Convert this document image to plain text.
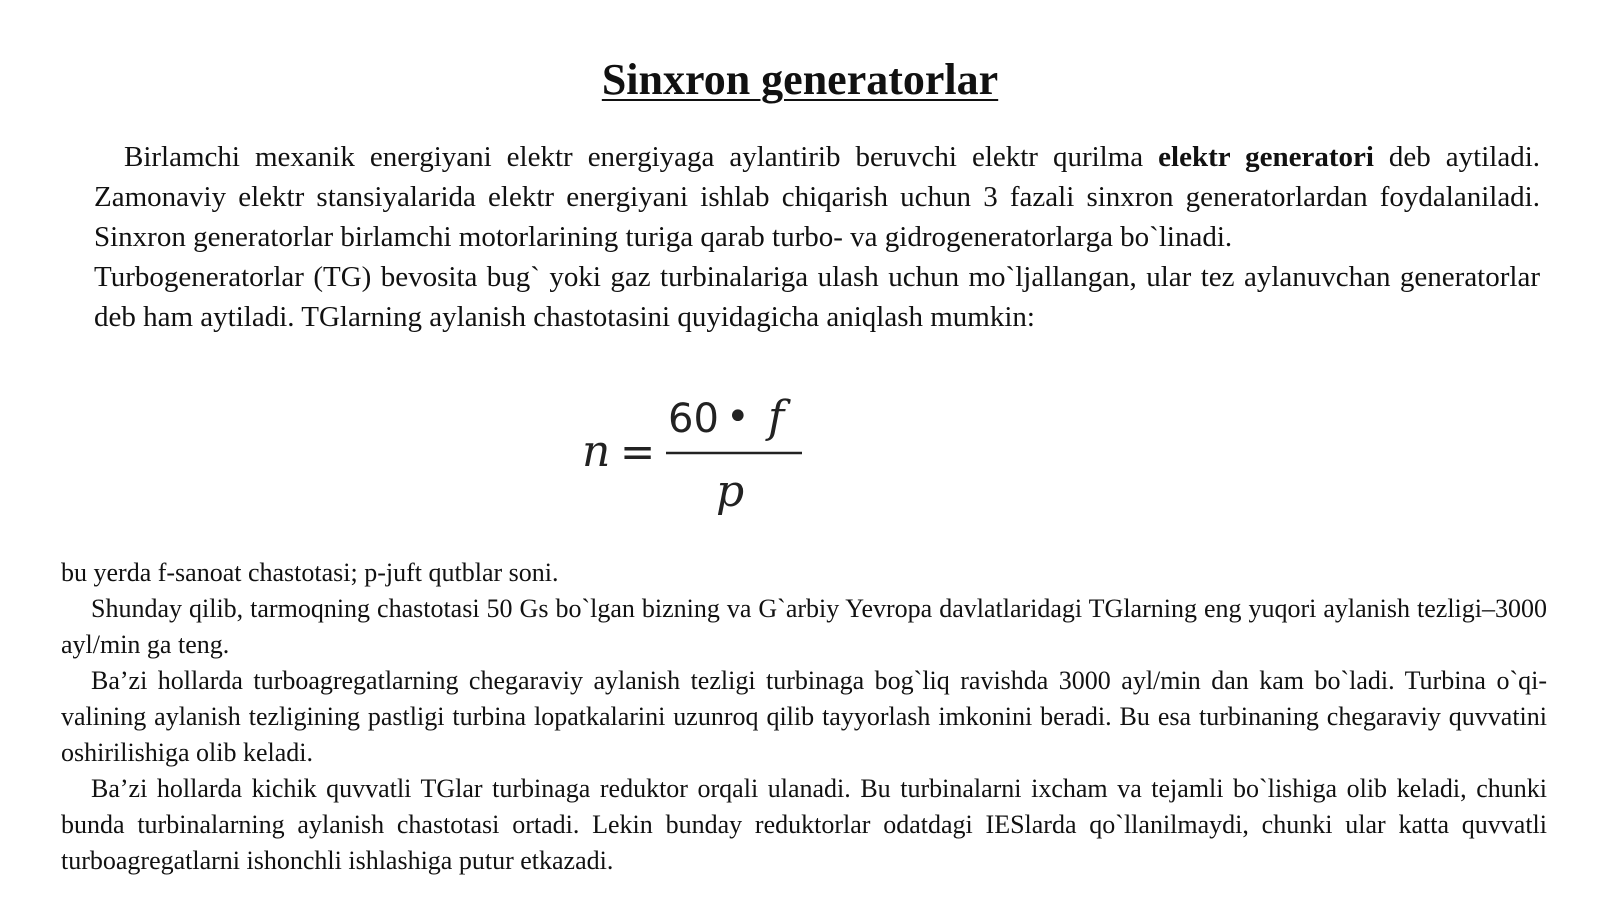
Sinxron generatorlar

Birlamchi mexanik energiyani elektr energiyaga aylantirib beruvchi elektr qurilma elektr generatori deb aytiladi. Zamonaviy elektr stansiyalarida elektr energiyani ishlab chiqarish uchun 3 fazali sinxron generatorlardan foydalaniladi. Sinxron generatorlar birlamchi motorlarining turiga qarab turbo- va gidrogeneratorlarga bo`linadi.

Turbogeneratorlar (TG) bevosita bug` yoki gaz turbinalariga ulash uchun mo`ljallangan, ular tez aylanuvchan generatorlar deb ham aytiladi. TGlarning aylanish chastotasini quyidagicha aniqlash mumkin:

n =
60 • f
p

bu yerda f-sanoat chastotasi; p-juft qutblar soni.

Shunday qilib, tarmoqning chastotasi 50 Gs bo`lgan bizning va G`arbiy Yevropa davlatlaridagi TGlarning eng yuqori aylanish tezligi–3000 ayl/min ga teng.

Ba’zi hollarda turboagregatlarning chegaraviy aylanish tezligi turbinaga bog`liq ravishda 3000 ayl/min dan kam bo`ladi. Turbina o`qi-valining aylanish tezligining pastligi turbina lopatkalarini uzunroq qilib tayyorlash imkonini beradi. Bu esa turbinaning chegaraviy quvvatini oshirilishiga olib keladi.

Ba’zi hollarda kichik quvvatli TGlar turbinaga reduktor orqali ulanadi. Bu turbinalarni ixcham va tejamli bo`lishiga olib keladi, chunki bunda turbinalarning aylanish chastotasi ortadi. Lekin bunday reduktorlar odatdagi IESlarda qo`llanilmaydi, chunki ular katta quvvatli turboagregatlarni ishonchli ishlashiga putur etkazadi.
